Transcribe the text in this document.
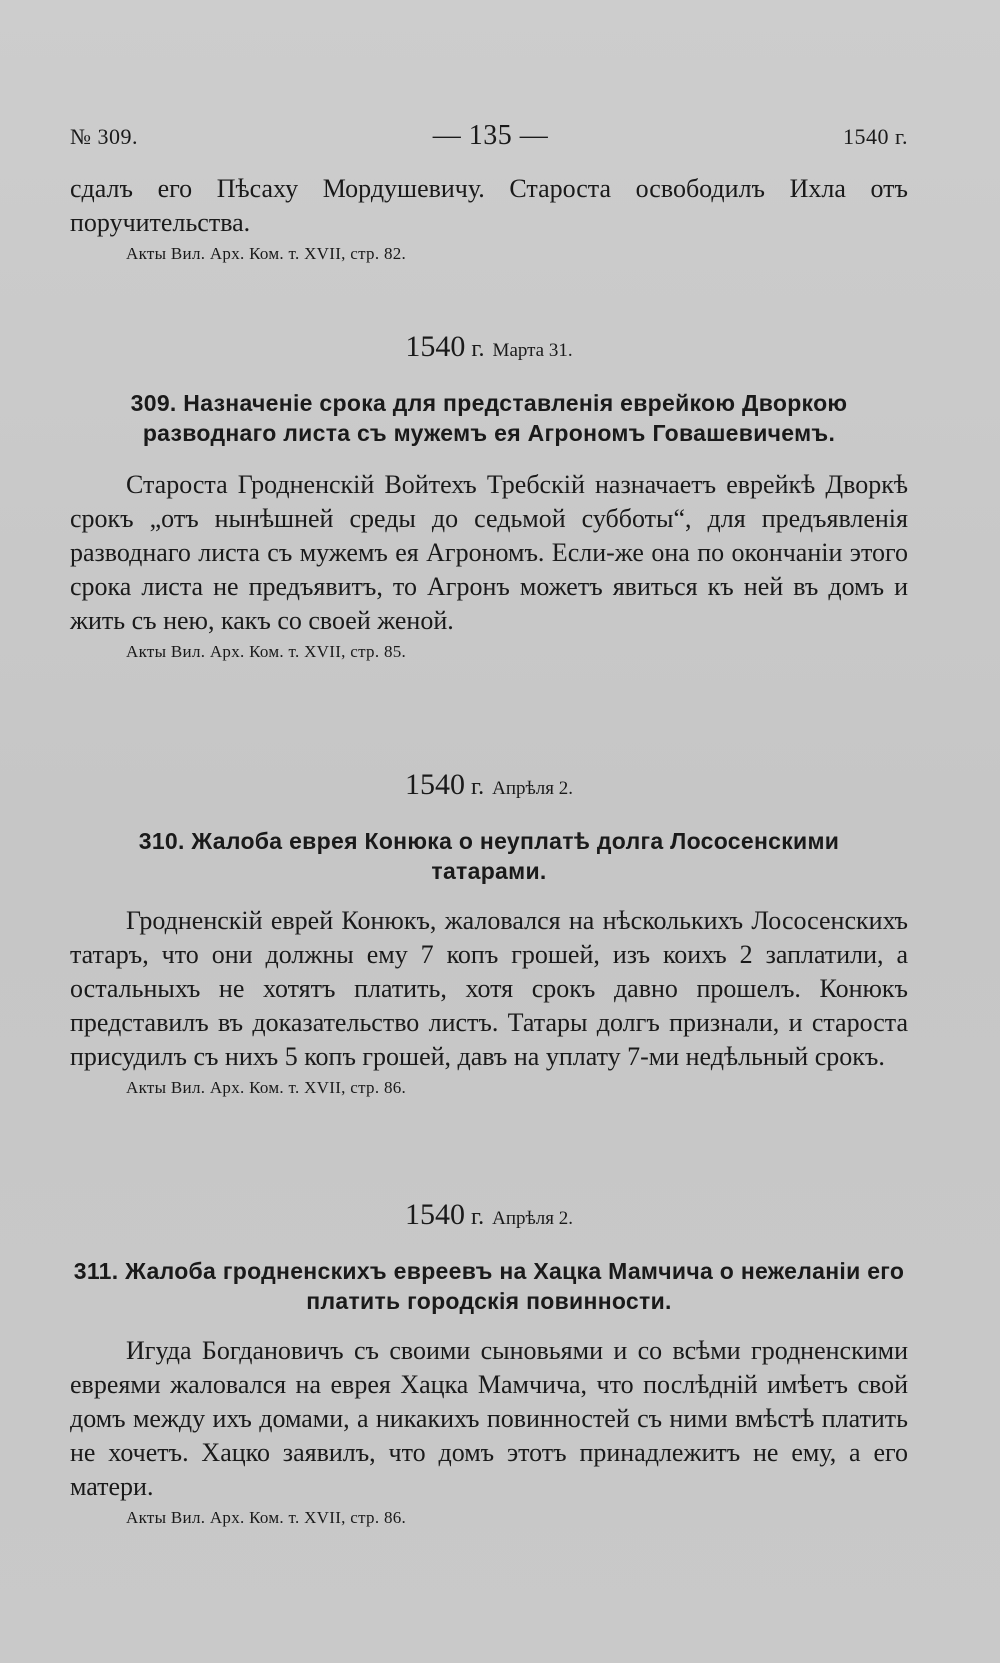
№ 309.	— 135 —	1540 г.

сдалъ его Пѣсаху Мордушевичу. Староста освободилъ Ихла отъ поручительства.

Акты Вил. Арх. Ком. т. XVII, стр. 82.

1540 г. Марта 31.

309. Назначеніе срока для представленія еврейкою Дворкою разводнаго листа съ мужемъ ея Агрономъ Говашевичемъ.

Староста Гродненскій Войтехъ Требскій назначаетъ еврейкѣ Дворкѣ срокъ „отъ нынѣшней среды до седьмой субботы“, для предъявленія разводнаго листа съ мужемъ ея Агрономъ. Если-же она по окончаніи этого срока листа не предъявитъ, то Агронъ можетъ явиться къ ней въ домъ и жить съ нею, какъ со своей женой.

Акты Вил. Арх. Ком. т. XVII, стр. 85.

1540 г. Апрѣля 2.

310. Жалоба еврея Конюка о неуплатѣ долга Лососенскими татарами.

Гродненскій еврей Конюкъ, жаловался на нѣсколькихъ Лососенскихъ татаръ, что они должны ему 7 копъ грошей, изъ коихъ 2 заплатили, а остальныхъ не хотятъ платить, хотя срокъ давно прошелъ. Конюкъ представилъ въ доказательство листъ. Татары долгъ признали, и староста присудилъ съ нихъ 5 копъ грошей, давъ на уплату 7-ми недѣльный срокъ.

Акты Вил. Арх. Ком. т. XVII, стр. 86.

1540 г. Апрѣля 2.

311. Жалоба гродненскихъ евреевъ на Хацка Мамчича о нежеланіи его платить городскія повинности.

Игуда Богдановичъ съ своими сыновьями и со всѣми гродненскими евреями жаловался на еврея Хацка Мамчича, что послѣдній имѣетъ свой домъ между ихъ домами, а никакихъ повинностей съ ними вмѣстѣ платить не хочетъ. Хацко заявилъ, что домъ этотъ принадлежитъ не ему, а его матери.

Акты Вил. Арх. Ком. т. XVII, стр. 86.
